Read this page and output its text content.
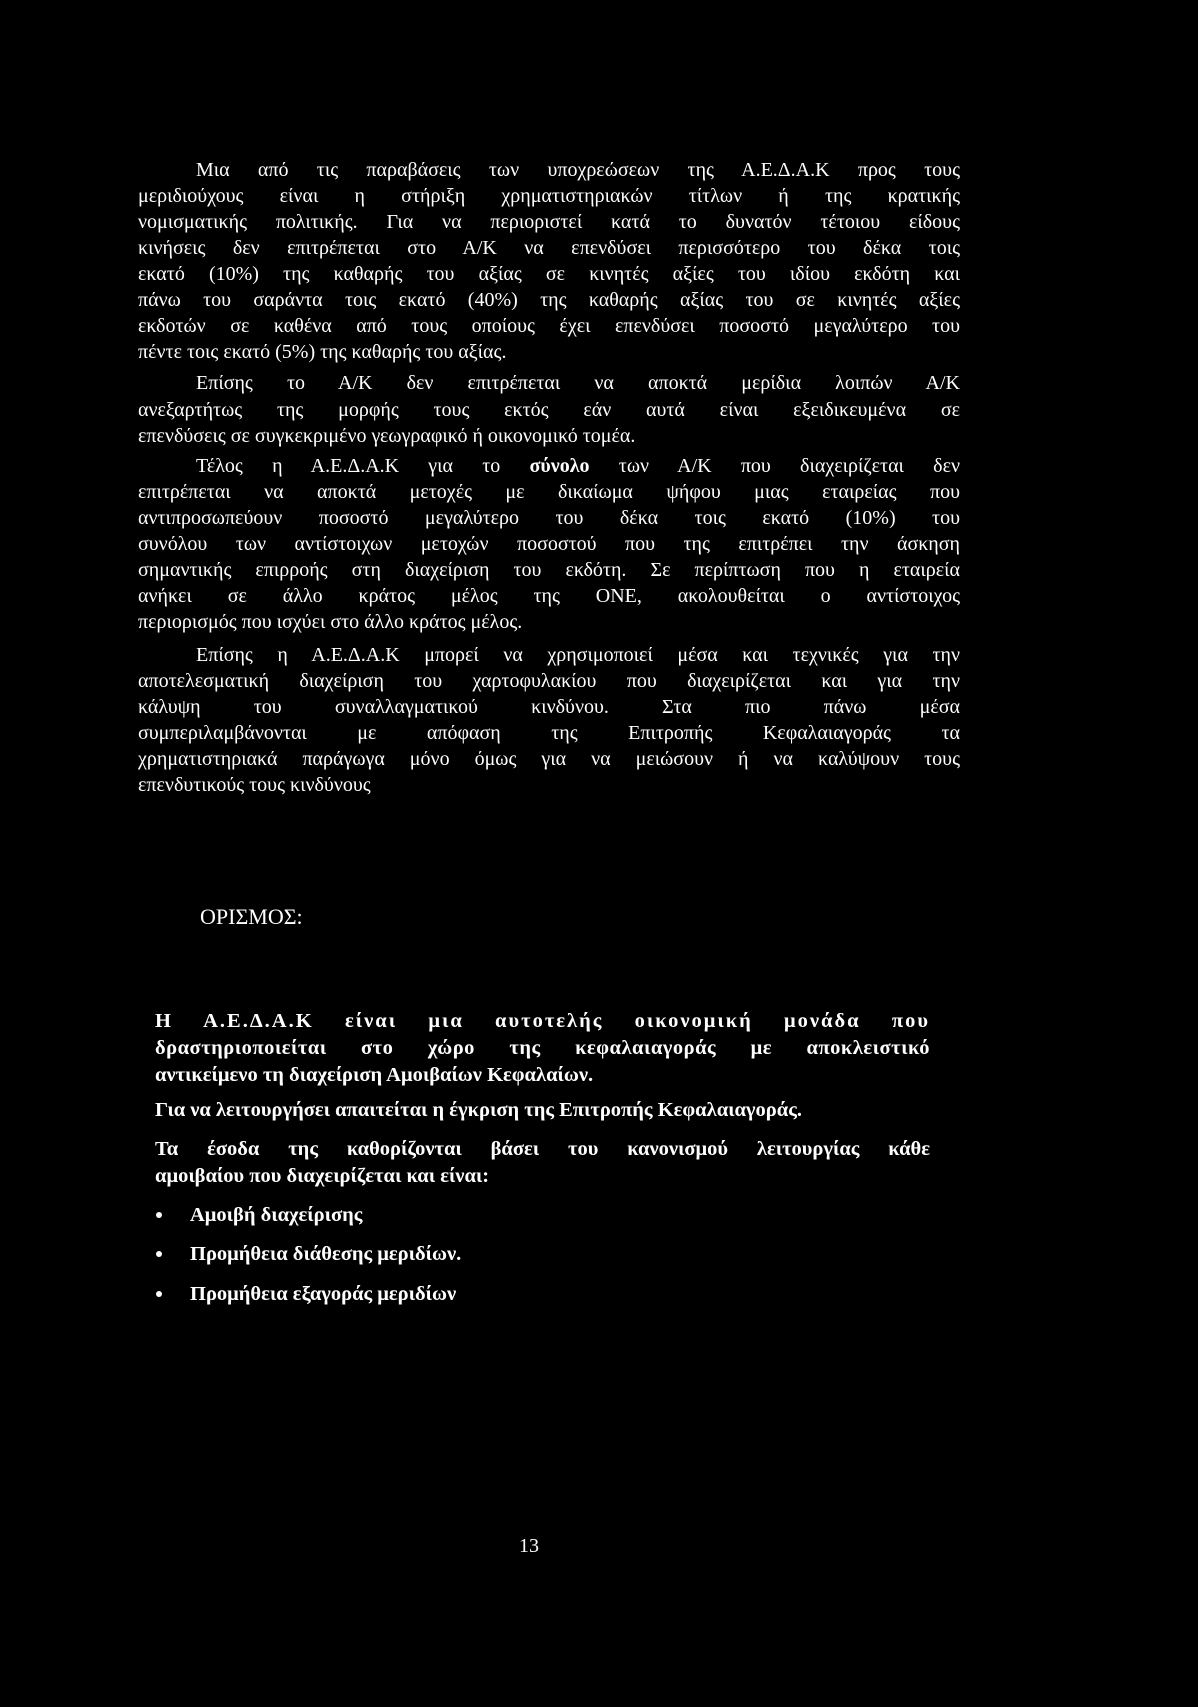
Μια από τις παραβάσεις των υποχρεώσεων της Α.Ε.Δ.Α.Κ προς τους
μεριδιούχους είναι η στήριξη χρηματιστηριακών τίτλων ή της κρατικής
νομισματικής πολιτικής. Για να περιοριστεί κατά το δυνατόν τέτοιου είδους
κινήσεις δεν επιτρέπεται στο Α/Κ να επενδύσει περισσότερο του δέκα τοις
εκατό (10%) της καθαρής του αξίας σε κινητές αξίες του ιδίου εκδότη και
πάνω του σαράντα τοις εκατό (40%) της καθαρής αξίας του σε κινητές αξίες
εκδοτών σε καθένα από τους οποίους έχει επενδύσει ποσοστό μεγαλύτερο του
πέντε τοις εκατό (5%) της καθαρής του αξίας.
Επίσης το Α/Κ δεν επιτρέπεται να αποκτά μερίδια λοιπών Α/Κ
ανεξαρτήτως της μορφής τους εκτός εάν αυτά είναι εξειδικευμένα σε
επενδύσεις σε συγκεκριμένο γεωγραφικό ή οικονομικό τομέα.
Τέλος η Α.Ε.Δ.Α.Κ για το σύνολο των Α/Κ που διαχειρίζεται δεν
επιτρέπεται να αποκτά μετοχές με δικαίωμα ψήφου μιας εταιρείας που
αντιπροσωπεύουν ποσοστό μεγαλύτερο του δέκα τοις εκατό (10%) του
συνόλου των αντίστοιχων μετοχών ποσοστού που της επιτρέπει την άσκηση
σημαντικής επιρροής στη διαχείριση του εκδότη. Σε περίπτωση που η εταιρεία
ανήκει σε άλλο κράτος μέλος της ΟΝΕ, ακολουθείται ο αντίστοιχος
περιορισμός που ισχύει στο άλλο κράτος μέλος.
Επίσης η Α.Ε.Δ.Α.Κ μπορεί να χρησιμοποιεί μέσα και τεχνικές για την
αποτελεσματική διαχείριση του χαρτοφυλακίου που διαχειρίζεται και για την
κάλυψη του συναλλαγματικού κινδύνου. Στα πιο πάνω μέσα
συμπεριλαμβάνονται με απόφαση της Επιτροπής Κεφαλαιαγοράς τα
χρηματιστηριακά παράγωγα μόνο όμως για να μειώσουν ή να καλύψουν τους
επενδυτικούς τους κινδύνους
ΟΡΙΣΜΟΣ:
Η Α.Ε.Δ.Α.Κ είναι μια αυτοτελής οικονομική μονάδα που
δραστηριοποιείται στο χώρο της κεφαλαιαγοράς με αποκλειστικό
αντικείμενο τη διαχείριση Αμοιβαίων Κεφαλαίων.
Για να λειτουργήσει απαιτείται η έγκριση της Επιτροπής Κεφαλαιαγοράς.
Τα έσοδα της καθορίζονται βάσει του κανονισμού λειτουργίας κάθε
αμοιβαίου που διαχειρίζεται και είναι:
Αμοιβή διαχείρισης
Προμήθεια διάθεσης μεριδίων.
Προμήθεια εξαγοράς μεριδίων
13
